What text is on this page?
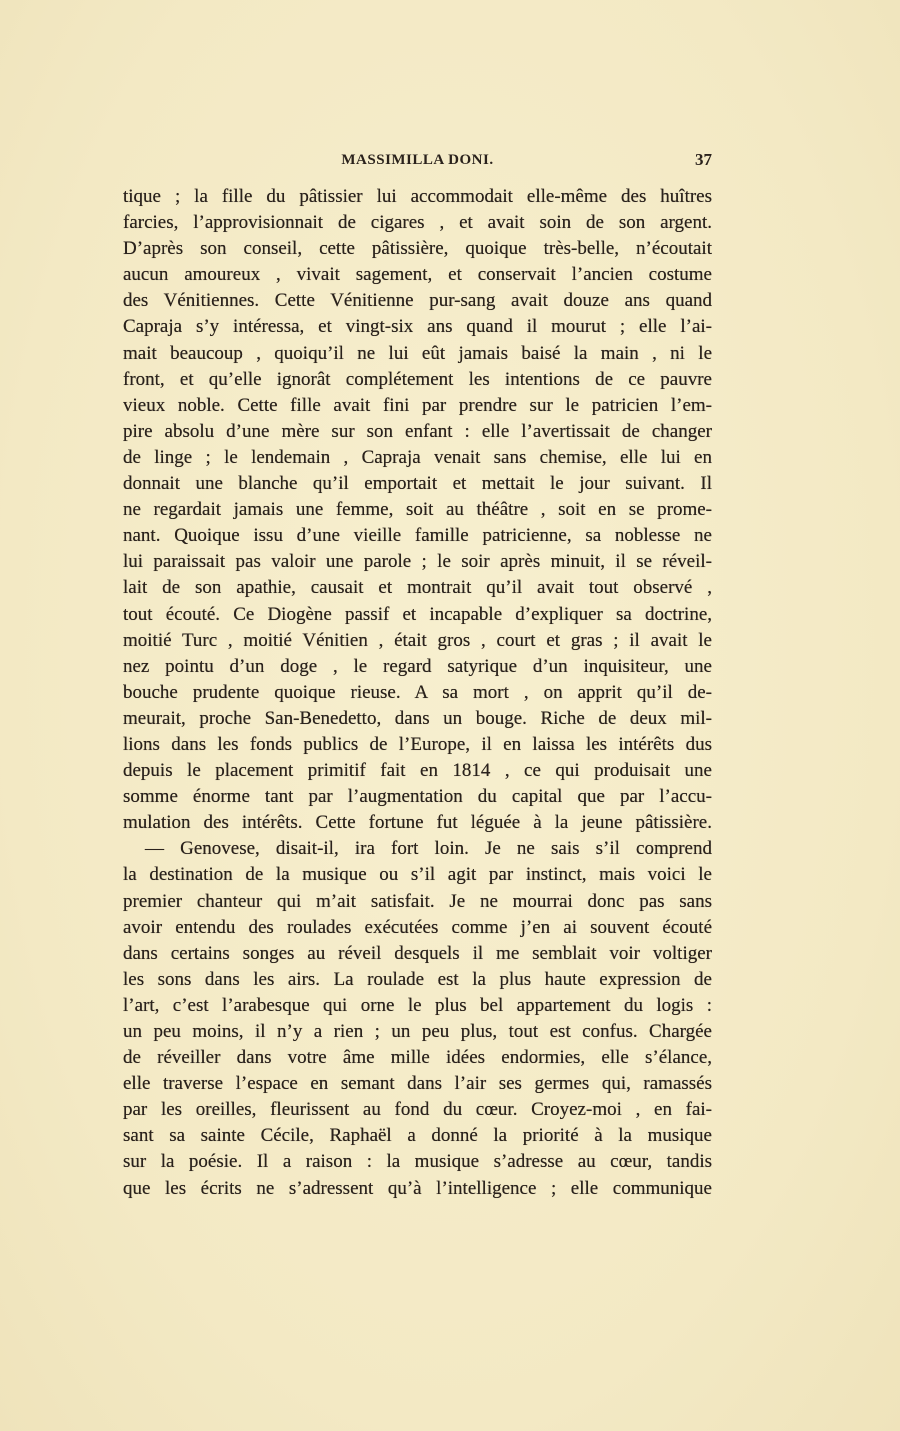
MASSIMILLA DONI.	37
tique ; la fille du pâtissier lui accommodait elle-même des huîtres
farcies, l’approvisionnait de cigares , et avait soin de son argent.
D’après son conseil, cette pâtissière, quoique très-belle, n’écoutait
aucun amoureux , vivait sagement, et conservait l’ancien costume
des Vénitiennes. Cette Vénitienne pur-sang avait douze ans quand
Capraja s’y intéressa, et vingt-six ans quand il mourut ; elle l’ai-
mait beaucoup , quoiqu’il ne lui eût jamais baisé la main , ni le
front, et qu’elle ignorât complétement les intentions de ce pauvre
vieux noble. Cette fille avait fini par prendre sur le patricien l’em-
pire absolu d’une mère sur son enfant : elle l’avertissait de changer
de linge ; le lendemain , Capraja venait sans chemise, elle lui en
donnait une blanche qu’il emportait et mettait le jour suivant. Il
ne regardait jamais une femme, soit au théâtre , soit en se prome-
nant. Quoique issu d’une vieille famille patricienne, sa noblesse ne
lui paraissait pas valoir une parole ; le soir après minuit, il se réveil-
lait de son apathie, causait et montrait qu’il avait tout observé ,
tout écouté. Ce Diogène passif et incapable d’expliquer sa doctrine,
moitié Turc , moitié Vénitien , était gros , court et gras ; il avait le
nez pointu d’un doge , le regard satyrique d’un inquisiteur, une
bouche prudente quoique rieuse. A sa mort , on apprit qu’il de-
meurait, proche San-Benedetto, dans un bouge. Riche de deux mil-
lions dans les fonds publics de l’Europe, il en laissa les intérêts dus
depuis le placement primitif fait en 1814 , ce qui produisait une
somme énorme tant par l’augmentation du capital que par l’accu-
mulation des intérêts. Cette fortune fut léguée à la jeune pâtissière.
— Genovese, disait-il, ira fort loin. Je ne sais s’il comprend
la destination de la musique ou s’il agit par instinct, mais voici le
premier chanteur qui m’ait satisfait. Je ne mourrai donc pas sans
avoir entendu des roulades exécutées comme j’en ai souvent écouté
dans certains songes au réveil desquels il me semblait voir voltiger
les sons dans les airs. La roulade est la plus haute expression de
l’art, c’est l’arabesque qui orne le plus bel appartement du logis :
un peu moins, il n’y a rien ; un peu plus, tout est confus. Chargée
de réveiller dans votre âme mille idées endormies, elle s’élance,
elle traverse l’espace en semant dans l’air ses germes qui, ramassés
par les oreilles, fleurissent au fond du cœur. Croyez-moi , en fai-
sant sa sainte Cécile, Raphaël a donné la priorité à la musique
sur la poésie. Il a raison : la musique s’adresse au cœur, tandis
que les écrits ne s’adressent qu’à l’intelligence ; elle communique
